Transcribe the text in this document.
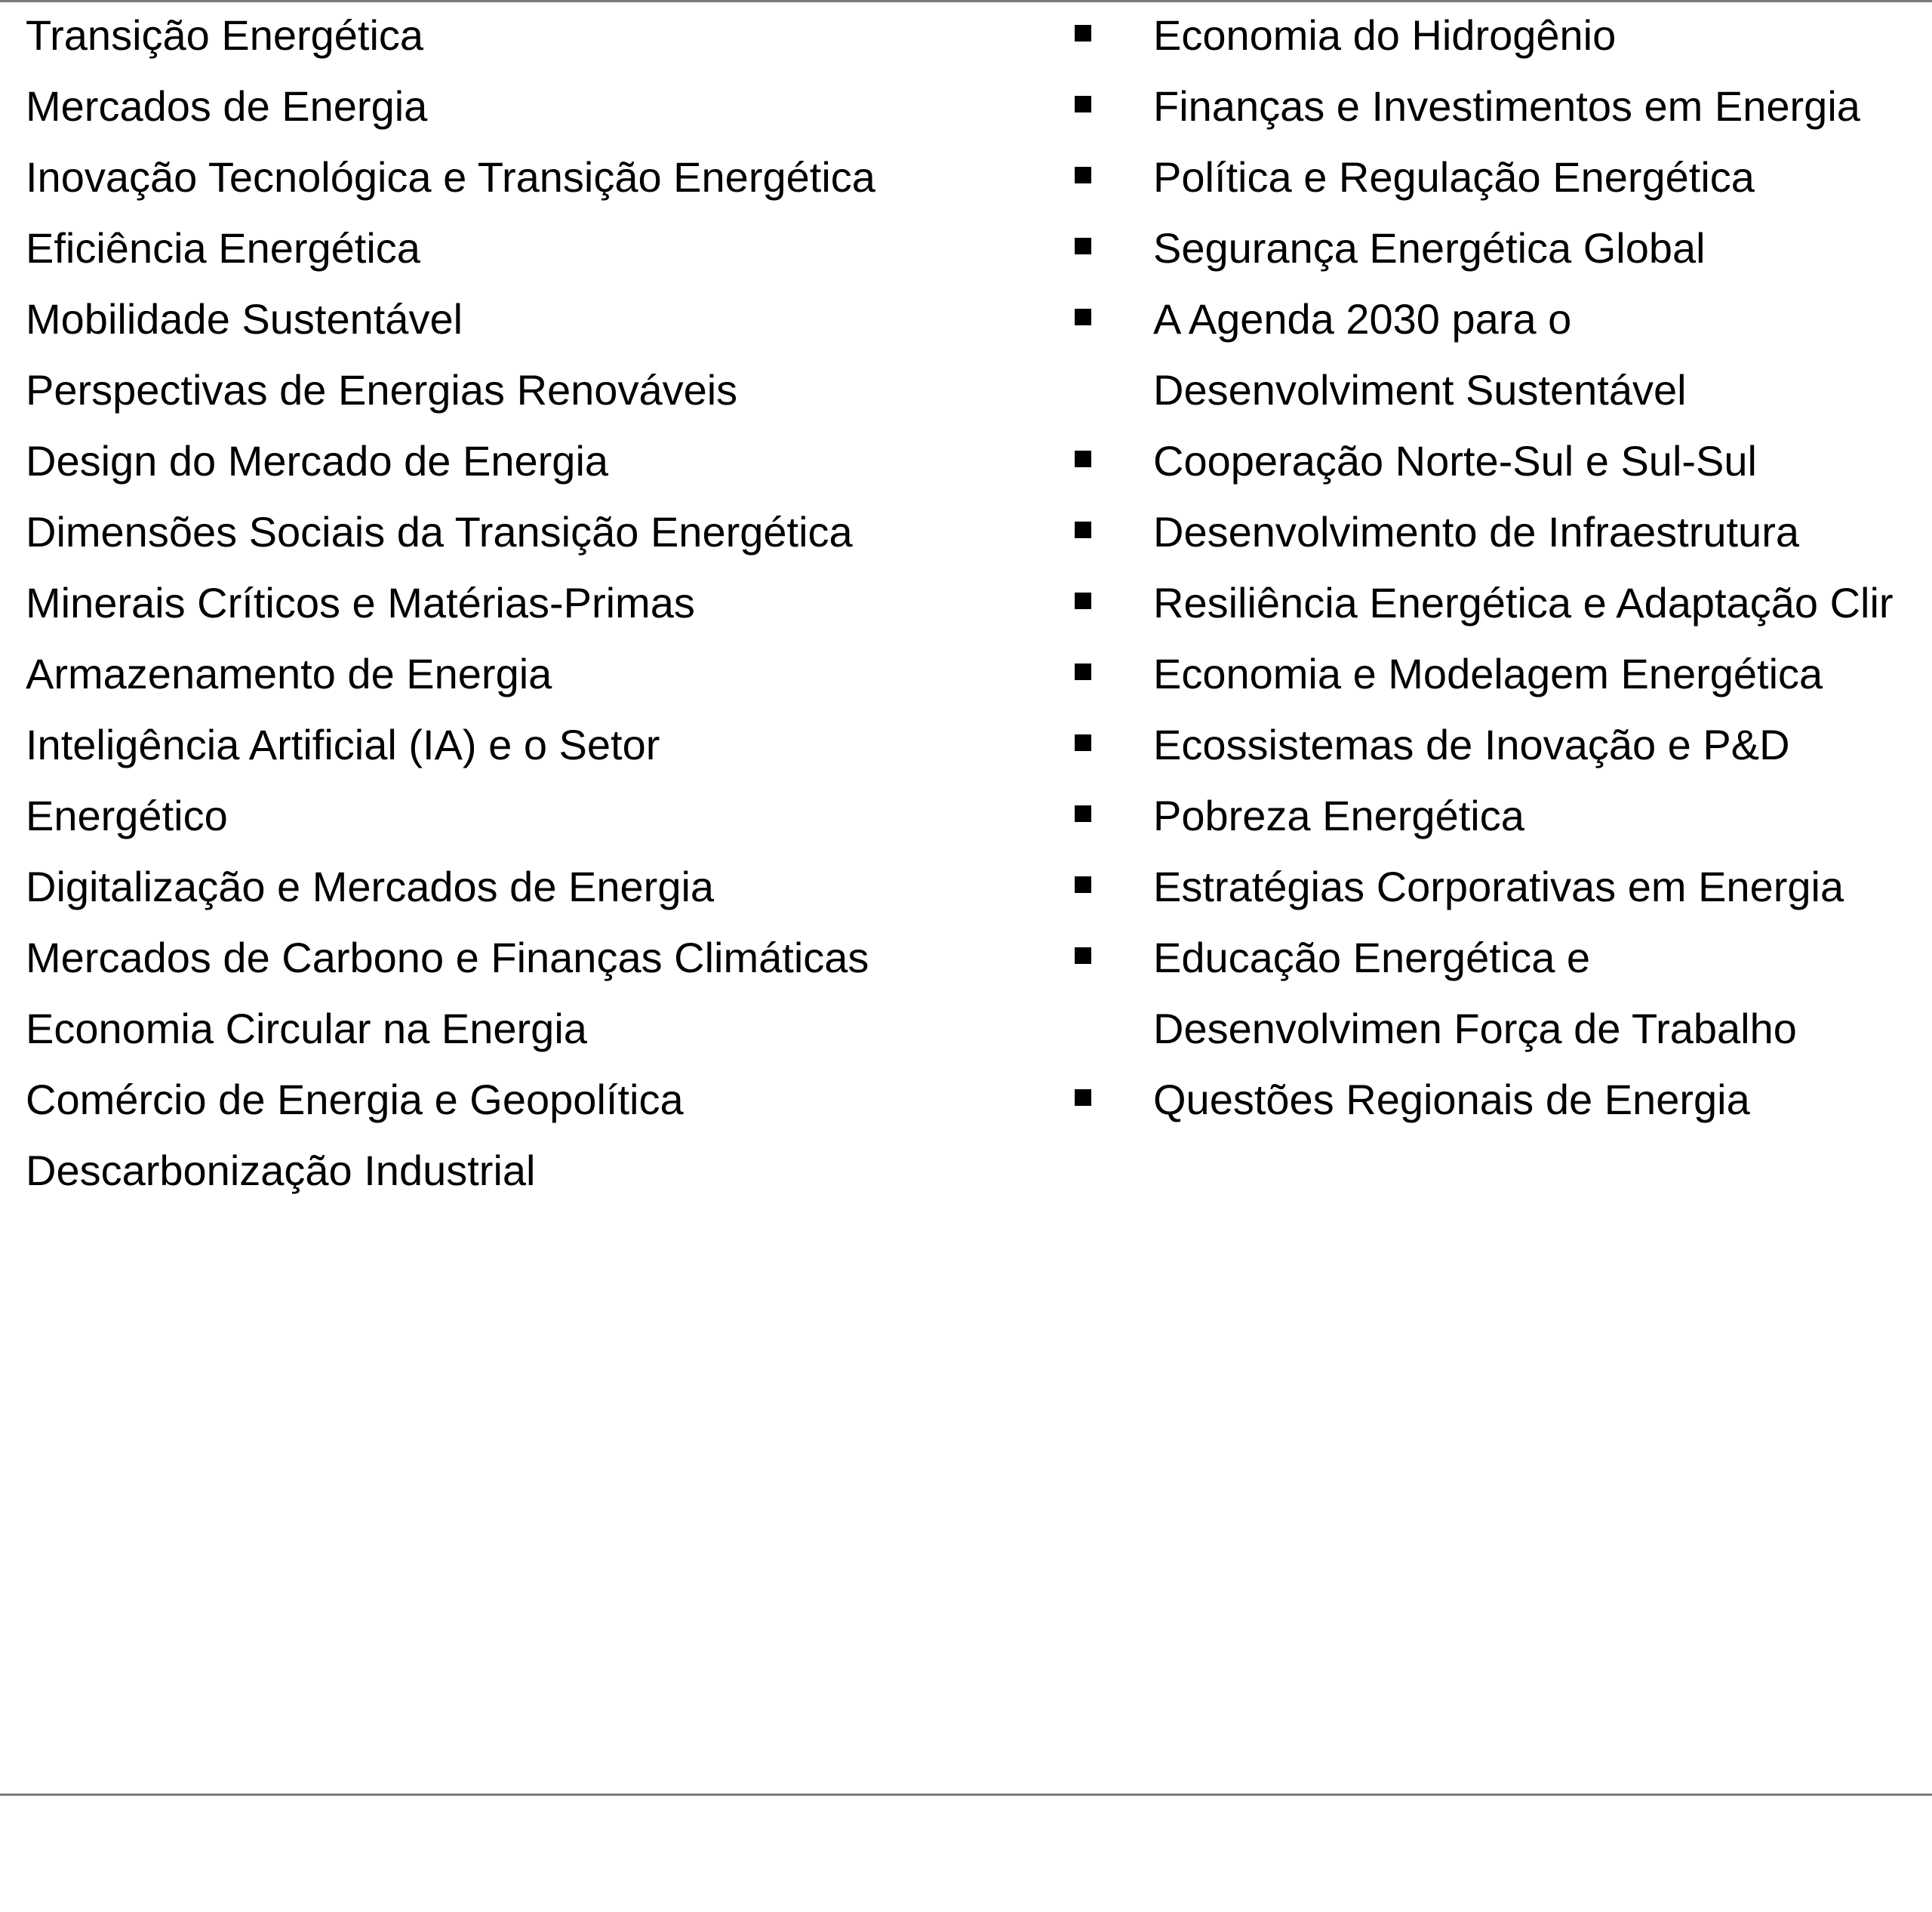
Transição Energética
Mercados de Energia
Inovação Tecnológica e Transição Energética
Eficiência Energética
Mobilidade Sustentável
Perspectivas de Energias Renováveis
Design do Mercado de Energia
Dimensões Sociais da Transição Energética
Minerais Críticos e Matérias-Primas
Armazenamento de Energia
Inteligência Artificial (IA) e o Setor Energético
Digitalização e Mercados de Energia
Mercados de Carbono e Finanças Climáticas
Economia Circular na Energia
Comércio de Energia e Geopolítica
Descarbonização Industrial
Economia do Hidrogênio
Finanças e Investimentos em Energia
Política e Regulação Energética
Segurança Energética Global
A Agenda 2030 para o Desenvolviment Sustentável
Cooperação Norte-Sul e Sul-Sul
Desenvolvimento de Infraestrutura
Resiliência Energética e Adaptação Clir
Economia e Modelagem Energética
Ecossistemas de Inovação e P&D
Pobreza Energética
Estratégias Corporativas em Energia
Educação Energética e Desenvolvimen Força de Trabalho
Questões Regionais de Energia
